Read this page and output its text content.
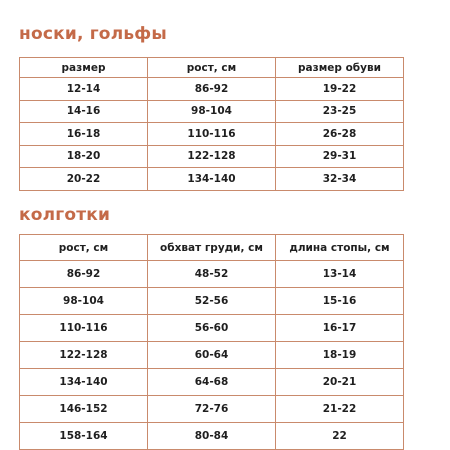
носки, гольфы
размер	рост, см	размер обуви
12-14	86-92	19-22
14-16	98-104	23-25
16-18	110-116	26-28
18-20	122-128	29-31
20-22	134-140	32-34
колготки
рост, см	обхват груди, см	длина стопы, см
86-92	48-52	13-14
98-104	52-56	15-16
110-116	56-60	16-17
122-128	60-64	18-19
134-140	64-68	20-21
146-152	72-76	21-22
158-164	80-84	22
